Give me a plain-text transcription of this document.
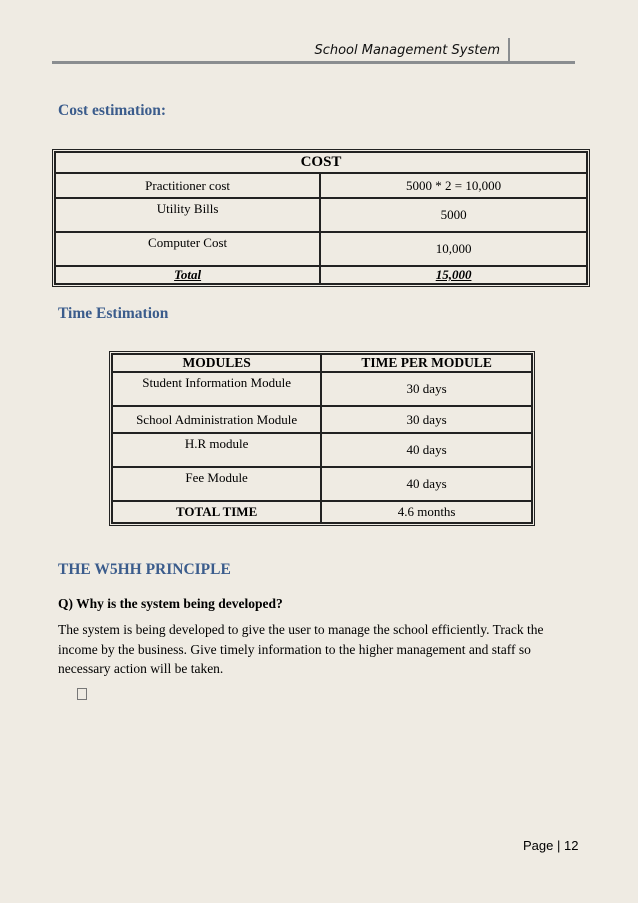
School Management System
Cost estimation:
COST	
Practitioner cost	5000 * 2 = 10,000
Utility Bills	5000
Computer Cost	10,000
Total	15,000
Time Estimation
MODULES	TIME PER MODULE
Student Information Module	30 days
School Administration Module	30 days
H.R module	40 days
Fee Module	40 days
TOTAL TIME	4.6 months
THE W5HH PRINCIPLE

Q) Why is the system being developed?

The system is being developed to give the user to manage the school efficiently. Track the income by the business. Give timely information to the higher management and staff so necessary action will be taken.

Page | 12
